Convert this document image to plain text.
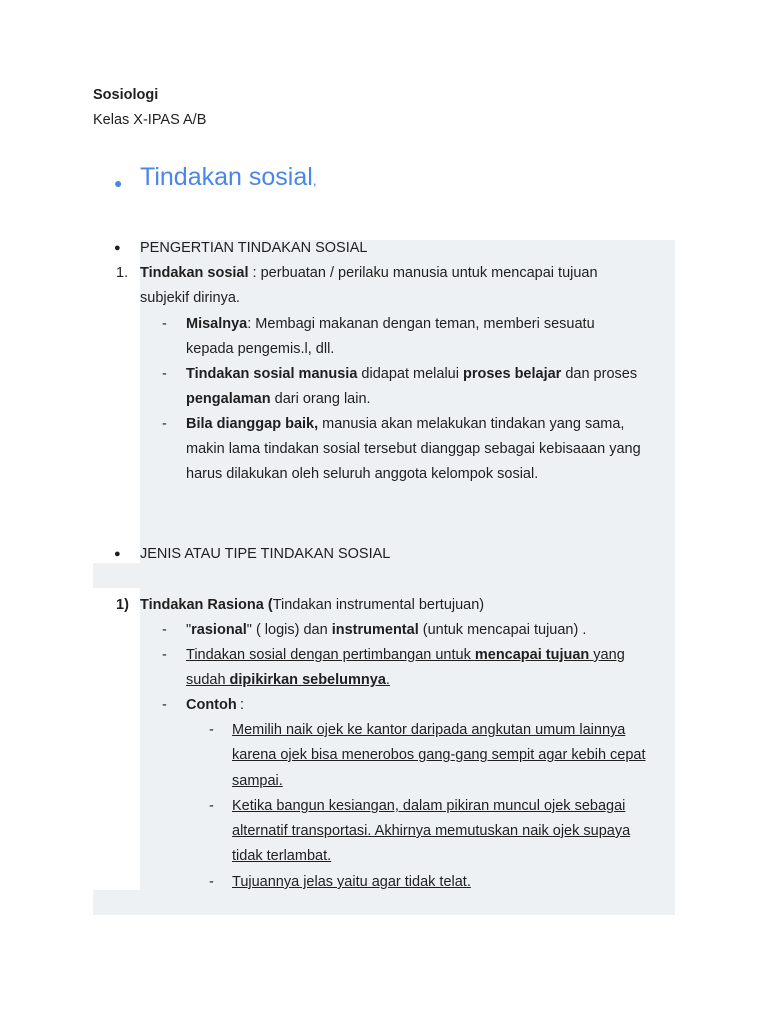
Sosiologi
Kelas X-IPAS A/B
● Tindakan sosial,
● PENGERTIAN TINDAKAN SOSIAL
1. Tindakan sosial : perbuatan / perilaku manusia untuk mencapai tujuan
subjekif dirinya.
- Misalnya: Membagi makanan dengan teman, memberi sesuatu
kepada pengemis.l, dll.
- Tindakan sosial manusia didapat melalui proses belajar dan proses
pengalaman dari orang lain.
- Bila dianggap baik, manusia akan melakukan tindakan yang sama,
makin lama tindakan sosial tersebut dianggap sebagai kebisaaan yang
harus dilakukan oleh seluruh anggota kelompok sosial.
● JENIS ATAU TIPE TINDAKAN SOSIAL
1) Tindakan Rasiona (Tindakan instrumental bertujuan)
- "rasional" ( logis) dan instrumental (untuk mencapai tujuan) .
- Tindakan sosial dengan pertimbangan untuk mencapai tujuan yang
sudah dipikirkan sebelumnya.
- Contoh :
- Memilih naik ojek ke kantor daripada angkutan umum lainnya
karena ojek bisa menerobos gang-gang sempit agar kebih cepat
sampai.
- Ketika bangun kesiangan, dalam pikiran muncul ojek sebagai
alternatif transportasi. Akhirnya memutuskan naik ojek supaya
tidak terlambat.
- Tujuannya jelas yaitu agar tidak telat.
